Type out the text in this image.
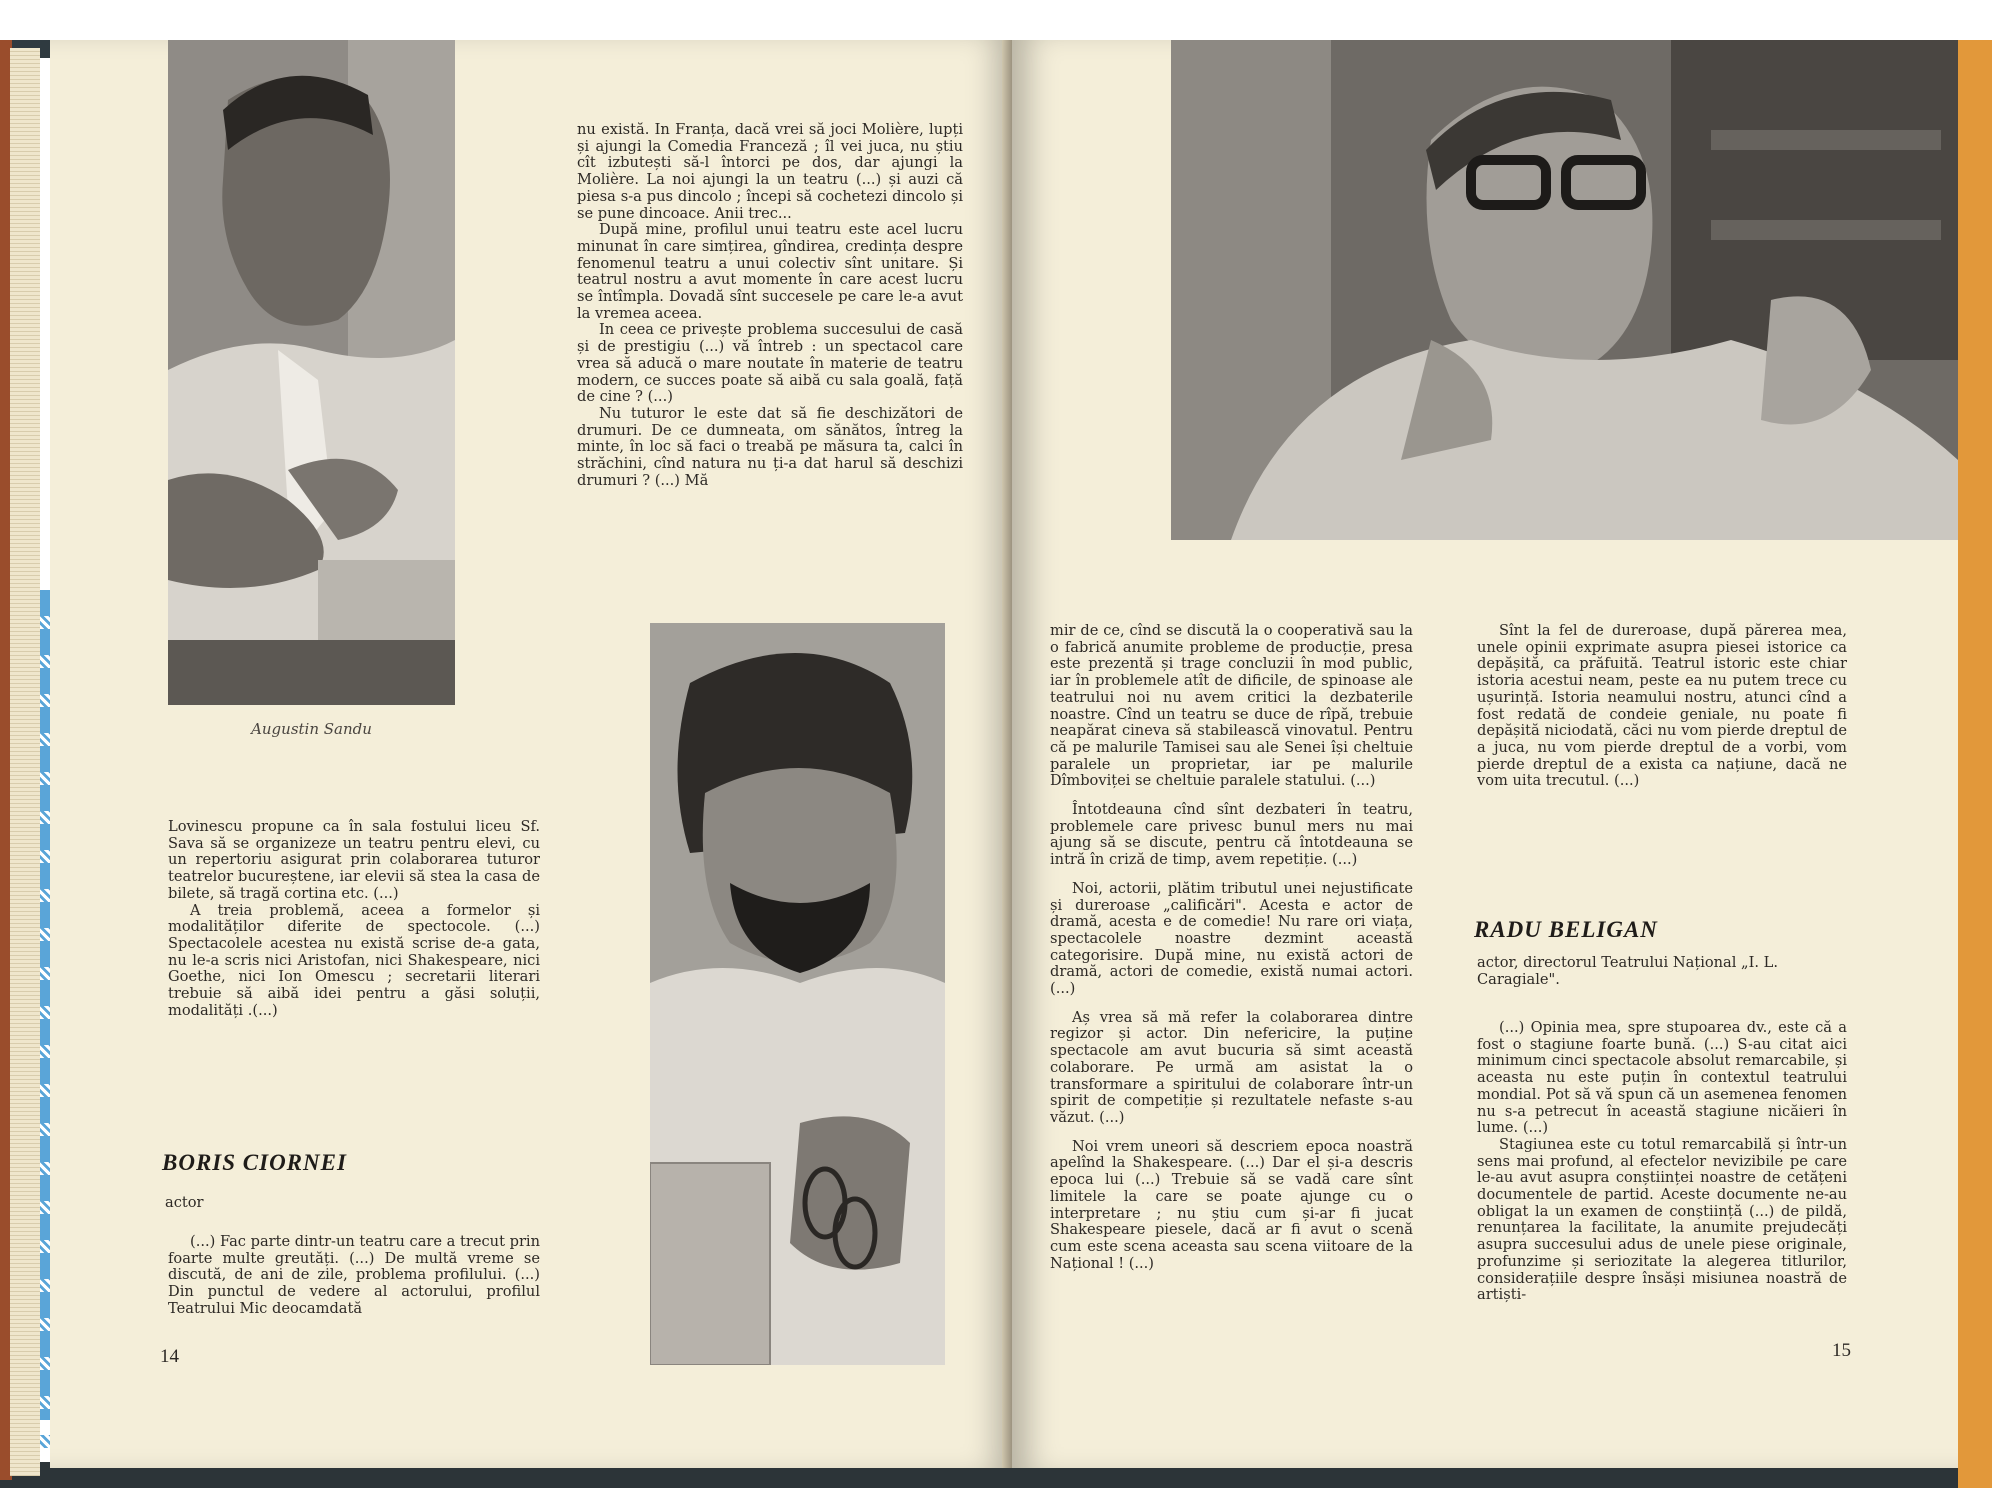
Augustin Sandu

Lovinescu propune ca în sala fostului liceu Sf. Sava să se organizeze un teatru pentru elevi, cu un repertoriu asigurat prin colaborarea tuturor teatrelor bucureștene, iar elevii să stea la casa de bilete, să tragă cortina etc. (...)

A treia problemă, aceea a formelor și modalităților diferite de spectocole. (...) Spectacolele acestea nu există scrise de-a gata, nu le-a scris nici Aristofan, nici Shakespeare, nici Goethe, nici Ion Omescu ; secretarii literari trebuie să aibă idei pentru a găsi soluții, modalități .(...)

BORIS CIORNEI
actor

(...) Fac parte dintr-un teatru care a trecut prin foarte multe greutăți. (...) De multă vreme se discută, de ani de zile, problema profilului. (...) Din punctul de vedere al actorului, profilul Teatrului Mic deocamdată

nu există. In Franța, dacă vrei să joci Molière, lupți și ajungi la Comedia Franceză ; îl vei juca, nu știu cît izbutești să-l întorci pe dos, dar ajungi la Molière. La noi ajungi la un teatru (...) și auzi că piesa s-a pus dincolo ; începi să cochetezi dincolo și se pune dincoace. Anii trec...

După mine, profilul unui teatru este acel lucru minunat în care simțirea, gîndirea, credința despre fenomenul teatru a unui colectiv sînt unitare. Și teatrul nostru a avut momente în care acest lucru se întîmpla. Dovadă sînt succesele pe care le-a avut la vremea aceea.

In ceea ce privește problema succesului de casă și de prestigiu (...) vă întreb : un spectacol care vrea să aducă o mare noutate în materie de teatru modern, ce succes poate să aibă cu sala goală, față de cine ? (...)

Nu tuturor le este dat să fie deschizători de drumuri. De ce dumneata, om sănătos, întreg la minte, în loc să faci o treabă pe măsura ta, calci în străchini, cînd natura nu ți-a dat harul să deschizi drumuri ? (...) Mă

14

mir de ce, cînd se discută la o cooperativă sau la o fabrică anumite probleme de producție, presa este prezentă și trage concluzii în mod public, iar în problemele atît de dificile, de spinoase ale teatrului noi nu avem critici la dezbaterile noastre. Cînd un teatru se duce de rîpă, trebuie neapărat cineva să stabilească vinovatul. Pentru că pe malurile Tamisei sau ale Senei își cheltuie paralele un proprietar, iar pe malurile Dîmboviței se cheltuie paralele statului. (...)

Întotdeauna cînd sînt dezbateri în teatru, problemele care privesc bunul mers nu mai ajung să se discute, pentru că întotdeauna se intră în criză de timp, avem repetiție. (...)

Noi, actorii, plătim tributul unei nejustificate și dureroase „calificări". Acesta e actor de dramă, acesta e de comedie! Nu rare ori viața, spectacolele noastre dezmint această categorisire. După mine, nu există actori de dramă, actori de comedie, există numai actori. (...)

Aș vrea să mă refer la colaborarea dintre regizor și actor. Din nefericire, la puține spectacole am avut bucuria să simt această colaborare. Pe urmă am asistat la o transformare a spiritului de colaborare într-un spirit de competiție și rezultatele nefaste s-au văzut. (...)

Noi vrem uneori să descriem epoca noastră apelînd la Shakespeare. (...) Dar el și-a descris epoca lui (...) Trebuie să se vadă care sînt limitele la care se poate ajunge cu o interpretare ; nu știu cum și-ar fi jucat Shakespeare piesele, dacă ar fi avut o scenă cum este scena aceasta sau scena viitoare de la Național ! (...)

Sînt la fel de dureroase, după părerea mea, unele opinii exprimate asupra piesei istorice ca depășită, ca prăfuită. Teatrul istoric este chiar istoria acestui neam, peste ea nu putem trece cu ușurință. Istoria neamului nostru, atunci cînd a fost redată de condeie geniale, nu poate fi depășită niciodată, căci nu vom pierde dreptul de a juca, nu vom pierde dreptul de a vorbi, vom pierde dreptul de a exista ca națiune, dacă ne vom uita trecutul. (...)

RADU BELIGAN
actor, directorul Teatrului Național „I. L. Caragiale".

(...) Opinia mea, spre stupoarea dv., este că a fost o stagiune foarte bună. (...) S-au citat aici minimum cinci spectacole absolut remarcabile, și aceasta nu este puțin în contextul teatrului mondial. Pot să vă spun că un asemenea fenomen nu s-a petrecut în această stagiune nicăieri în lume. (...)

Stagiunea este cu totul remarcabilă și într-un sens mai profund, al efectelor nevizibile pe care le-au avut asupra conștiinței noastre de cetățeni documentele de partid. Aceste documente ne-au obligat la un examen de conștiință (...) de pildă, renunțarea la facilitate, la anumite prejudecăți asupra succesului adus de unele piese originale, profunzime și seriozitate la alegerea titlurilor, considerațiile despre însăși misiunea noastră de artiști-

15
